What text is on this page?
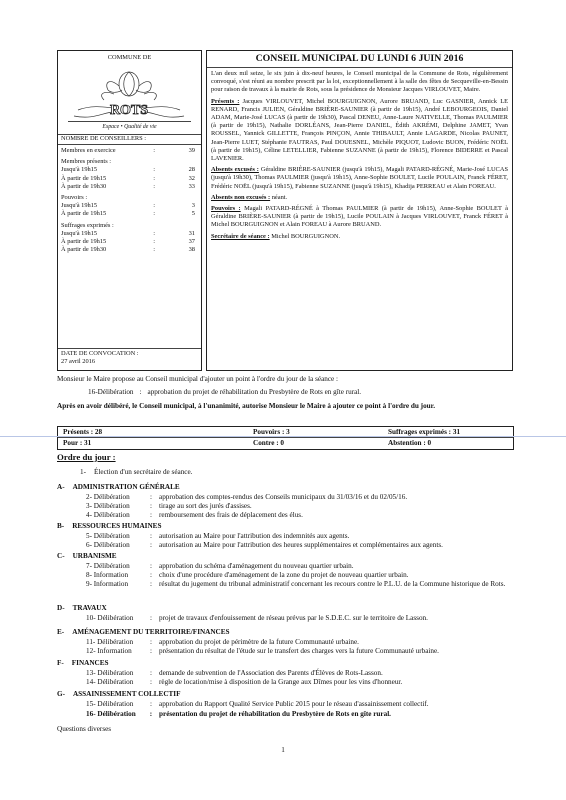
COMMUNE DE
ROTS
Espace • Qualité de vie
NOMBRE DE CONSEILLERS :
Membres en exercice	:	39
Membres présents :
Jusqu'à 19h15	:	28
À partir de 19h15	:	32
À partir de 19h30	:	33
Pouvoirs :
Jusqu'à 19h15	:	3
À partir de 19h15	:	5
Suffrages exprimés :
Jusqu'à 19h15	:	31
À partir de 19h15	:	37
À partir de 19h30	:	38
DATE DE CONVOCATION :
27 avril 2016
CONSEIL MUNICIPAL DU LUNDI 6 JUIN 2016

L'an deux mil seize, le six juin à dix-neuf heures, le Conseil municipal de la Commune de Rots, régulièrement convoqué, s'est réuni au nombre prescrit par la loi, exceptionnellement à la salle des fêtes de Secqueville-en-Bessin pour raison de travaux à la mairie de Rots, sous la présidence de Monsieur Jacques VIRLOUVET, Maire.

Présents : Jacques VIRLOUVET, Michel BOURGUIGNON, Aurore BRUAND, Luc GASNIER, Annick LE RENARD, Francis JULIEN, Géraldine BRIÈRE-SAUNIER (à partir de 19h15), André LEBOURGEOIS, Daniel ADAM, Marie-José LUCAS (à partir de 19h30), Pascal DENEU, Anne-Laure NATIVELLE, Thomas PAULMIER (à partir de 19h15), Nathalie DORLÉANS, Jean-Pierre DANIEL, Édith AKRÉMI, Delphine JAMET, Yvan ROUSSEL, Yannick GILLETTE, François PINÇON, Annie THIBAULT, Annie LAGARDE, Nicolas PAUNET, Jean-Pierre LUET, Stéphanie FAUTRAS, Paul DOUESNEL, Michèle PIQUOT, Ludovic BUON, Frédéric NOËL (à partir de 19h15), Céline LETELLIER, Fabienne SUZANNE (à partir de 19h15), Florence BIDERRE et Pascal LAVENIER.

Absents excusés : Géraldine BRIÈRE-SAUNIER (jusqu'à 19h15), Magali PATARD-RÉGNÉ, Marie-José LUCAS (jusqu'à 19h30), Thomas PAULMIER (jusqu'à 19h15), Anne-Sophie BOULET, Lucile POULAIN, Franck FÉRET, Frédéric NOËL (jusqu'à 19h15), Fabienne SUZANNE (jusqu'à 19h15), Khadija PERREAU et Alain FOREAU.

Absents non excusés : néant.

Pouvoirs : Magali PATARD-RÉGNÉ à Thomas PAULMIER (à partir de 19h15), Anne-Sophie BOULET à Géraldine BRIÈRE-SAUNIER (à partir de 19h15), Lucile POULAIN à Jacques VIRLOUVET, Franck FÉRET à Michel BOURGUIGNON et Alain FOREAU à Aurore BRUAND.

Secrétaire de séance : Michel BOURGUIGNON.

Monsieur le Maire propose au Conseil municipal d'ajouter un point à l'ordre du jour de la séance :
16-Délibération : approbation du projet de réhabilitation du Presbytère de Rots en gîte rural.
Après en avoir délibéré, le Conseil municipal, à l'unanimité, autorise Monsieur le Maire à ajouter ce point à l'ordre du jour.
Présents : 28	Pouvoirs : 3	Suffrages exprimés : 31
Pour : 31	Contre : 0	Abstention : 0
Ordre du jour :
1- Élection d'un secrétaire de séance.
A- ADMINISTRATION GÉNÉRALE
2- Délibération	: approbation des comptes-rendus des Conseils municipaux du 31/03/16 et du 02/05/16.
3- Délibération	: tirage au sort des jurés d'assises.
4- Délibération	: remboursement des frais de déplacement des élus.
B- RESSOURCES HUMAINES
5- Délibération	: autorisation au Maire pour l'attribution des indemnités aux agents.
6- Délibération	: autorisation au Maire pour l'attribution des heures supplémentaires et complémentaires aux agents.
C- URBANISME
7- Délibération	: approbation du schéma d'aménagement du nouveau quartier urbain.
8- Information	: choix d'une procédure d'aménagement de la zone du projet de nouveau quartier urbain.
9- Information	: résultat du jugement du tribunal administratif concernant les recours contre le P.L.U. de la Commune historique de Rots.
D- TRAVAUX
10- Délibération	: projet de travaux d'enfouissement de réseau prévus par le S.D.E.C. sur le territoire de Lasson.
E- AMÉNAGEMENT DU TERRITOIRE/FINANCES
11- Délibération	: approbation du projet de périmètre de la future Communauté urbaine.
12- Information	: présentation du résultat de l'étude sur le transfert des charges vers la future Communauté urbaine.
F- FINANCES
13- Délibération	: demande de subvention de l'Association des Parents d'Élèves de Rots-Lasson.
14- Délibération	: règle de location/mise à disposition de la Grange aux Dîmes pour les vins d'honneur.
G- ASSAINISSEMENT COLLECTIF
15- Délibération	: approbation du Rapport Qualité Service Public 2015 pour le réseau d'assainissement collectif.
16- Délibération	: présentation du projet de réhabilitation du Presbytère de Rots en gîte rural.
Questions diverses
1
